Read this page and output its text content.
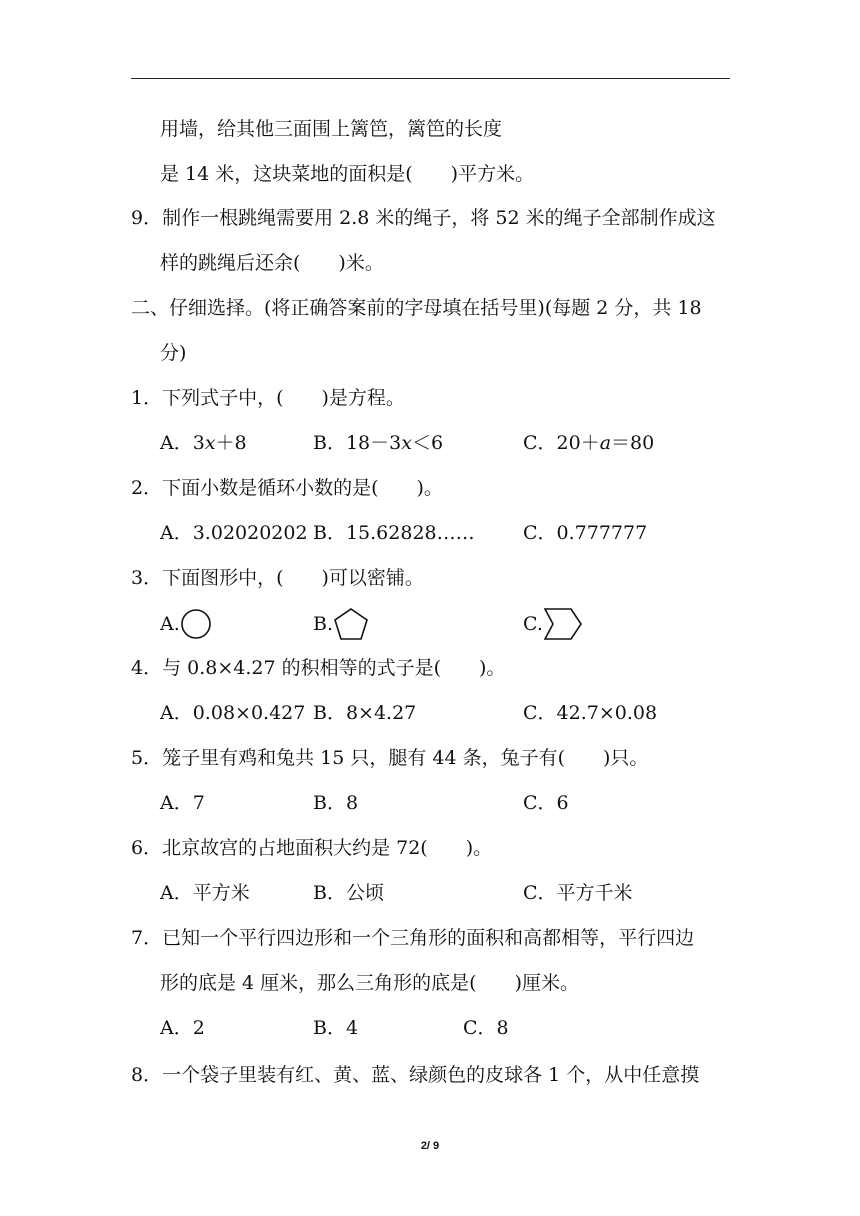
用墙，给其他三面围上篱笆，篱笆的长度
是 14 米，这块菜地的面积是(　　)平方米。
9．制作一根跳绳需要用 2.8 米的绳子，将 52 米的绳子全部制作成这
样的跳绳后还余(　　)米。
二、仔细选择。(将正确答案前的字母填在括号里)(每题 2 分，共 18
分)
1．下列式子中，(　　)是方程。
A．3x＋8	B．18－3x＜6	C．20＋a＝80
2．下面小数是循环小数的是(　　)。
A．3.02020202 B．15.62828……	C．0.777777
3．下面图形中，(　　)可以密铺。
A.	B.	C.
4．与 0.8×4.27 的积相等的式子是(　　)。
A．0.08×0.427 B．8×4.27	C．42.7×0.08
5．笼子里有鸡和兔共 15 只，腿有 44 条，兔子有(　　)只。
A．7	B．8	C．6
6．北京故宫的占地面积大约是 72(　　)。
A．平方米	B．公顷	C．平方千米
7．已知一个平行四边形和一个三角形的面积和高都相等，平行四边
形的底是 4 厘米，那么三角形的底是(　　)厘米。
A．2	B．4	C．8
8．一个袋子里装有红、黄、蓝、绿颜色的皮球各 1 个，从中任意摸
2/ 9
